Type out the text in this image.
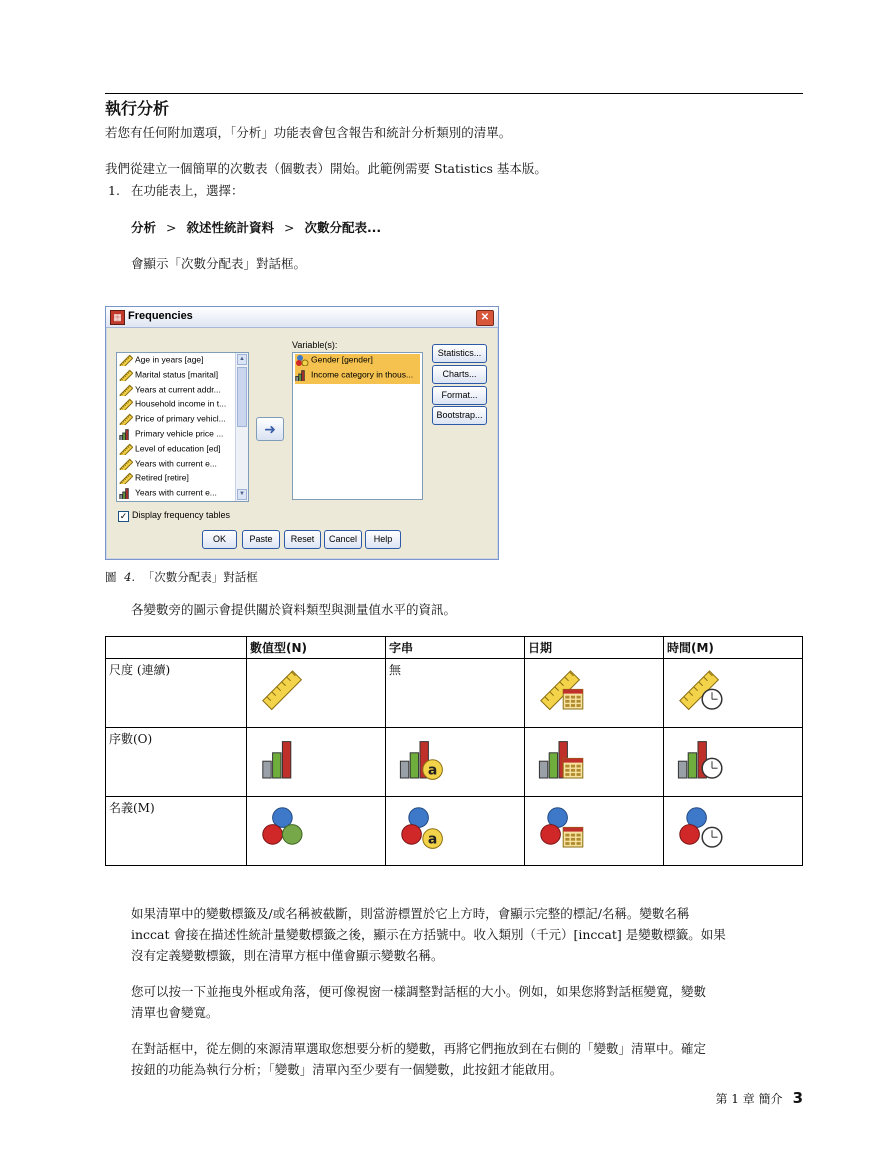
執行分析
若您有任何附加選項，「分析」功能表會包含報告和統計分析類別的清單。
我們從建立一個簡單的次數表（個數表）開始。此範例需要 Statistics 基本版。
1. 在功能表上，選擇：
分析 > 敘述性統計資料 > 次數分配表...
會顯示「次數分配表」對話框。
▦ Frequencies	✕
Variable(s):
▲
▼
Age in years [age]
Marital status [marital]
Years at current addr...
Household income in t...
Price of primary vehicl...
Primary vehicle price ...
Level of education [ed]
Years with current e...
Retired [retire]
Years with current e...
➜
Gender [gender]
Income category in thous...
Statistics...
Charts...
Format...
Bootstrap...
✓ Display frequency tables
OK	Paste	Reset	Cancel	Help
圖 4. 「次數分配表」對話框
各變數旁的圖示會提供關於資料類型與測量值水平的資訊。
	數值型(N)	字串	日期	時間(M)
尺度 (連續)		無	

序數(O)		a

名義(M)		a

如果清單中的變數標籤及/或名稱被截斷，則當游標置於它上方時，會顯示完整的標記/名稱。變數名稱
inccat 會接在描述性統計量變數標籤之後，顯示在方括號中。收入類別（千元）[inccat] 是變數標籤。如果
沒有定義變數標籤，則在清單方框中僅會顯示變數名稱。
您可以按一下並拖曳外框或角落，便可像視窗一樣調整對話框的大小。例如，如果您將對話框變寬，變數
清單也會變寬。
在對話框中，從左側的來源清單選取您想要分析的變數，再將它們拖放到在右側的「變數」清單中。確定
按鈕的功能為執行分析；「變數」清單內至少要有一個變數，此按鈕才能啟用。
第 1 章 簡介 3
